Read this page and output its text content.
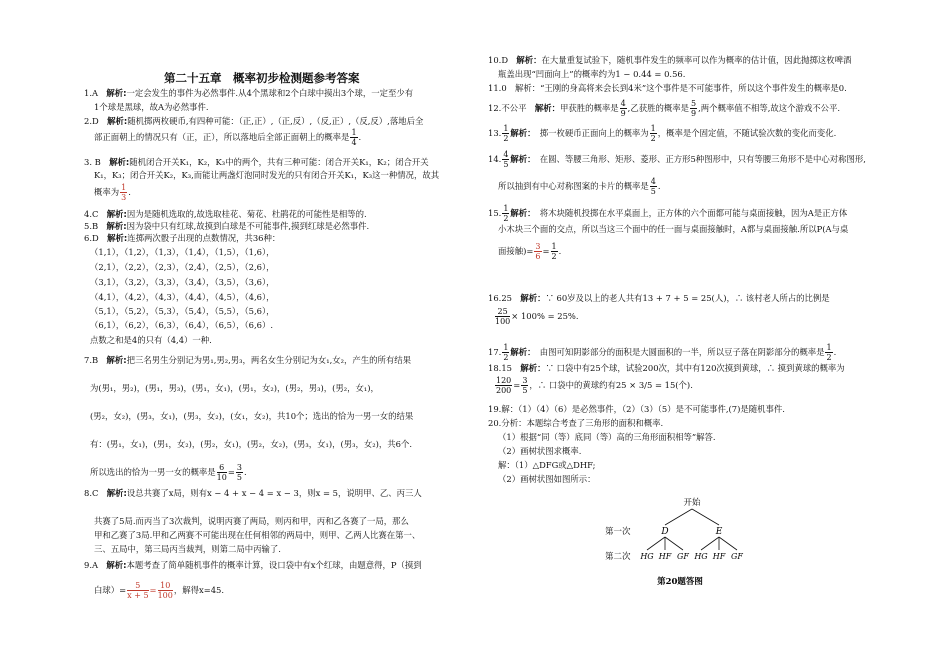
第二十五章　概率初步检测题参考答案
1.A　解析:一定会发生的事件为必然事件.从4个黑球和2个白球中摸出3个球，一定至少有
1个球是黑球，故A为必然事件.
2.D　解析:随机掷两枚硬币,有四种可能：（正,正）,（正,反）,（反,正）,（反,反）,落地后全
部正面朝上的情况只有（正，正），所以落地后全部正面朝上的概率是 $\frac{1}{4}$ .
3. B　解析:随机闭合开关K₁，K₂，K₃中的两个，共有三种可能：闭合开关K₁，K₂；闭合开关
K₁，K₃；闭合开关K₂，K₃,而能让两盏灯泡同时发光的只有闭合开关K₁，K₃这一种情况，故其
概率为 $\frac{1}{3}$ .
4.C　解析:因为是随机选取的,故选取桂花、菊花、杜鹃花的可能性是相等的.
5.B　解析:因为袋中只有红球,故摸到白球是不可能事件,摸到红球是必然事件.
6.D　解析:连掷两次骰子出现的点数情况，共36种：
（1,1），（1,2），（1,3），（1,4），（1,5），（1,6），
（2,1），（2,2），（2,3），（2,4），（2,5），（2,6），
（3,1），（3,2），（3,3），（3,4），（3,5），（3,6），
（4,1），（4,2），（4,3），（4,4），（4,5），（4,6），
（5,1），（5,2），（5,3），（5,4），（5,5），（5,6），
（6,1），（6,2），（6,3），（6,4），（6,5），（6,6）.
点数之和是4的只有（4,4）一种.
7.B　解析:把三名男生分别记为男₁,男₂,男₃，两名女生分别记为女₁,女₂，产生的所有结果
为(男₁，男₂)，(男₁，男₃)，(男₁，女₁)，(男₁，女₂)，(男₂，男₃)，(男₂，女₁)，
(男₂，女₂)，(男₃，女₁)，(男₃，女₂)，(女₁，女₂)，共10个；选出的恰为一男一女的结果
有：(男₁，女₁)，(男₁，女₂)，(男₂，女₁)，(男₂，女₂)，(男₃，女₁)，(男₃，女₂)，共6个.
所以选出的恰为一男一女的概率是 $\frac{6}{10} = \frac{3}{5}$ .
8.C　解析:设总共赛了x局，则有x − 4 + x − 4 = x − 3，则x = 5，说明甲、乙、丙三人
共赛了5局.而丙当了3次裁判，说明丙赛了两局，则丙和甲，丙和乙各赛了一局，那么
甲和乙赛了3局.甲和乙两赛不可能出现在任何相邻的两局中，则甲、乙两人比赛在第一、
三、五局中，第三局丙当裁判，则第二局中丙输了.
9.A　解析:本题考查了简单随机事件的概率计算，设口袋中有x个红球，由题意得，P（摸到
白球）= $\frac{5}{x + 5} = \frac{10}{100}$ ，解得x=45.
10.D　解析：在大量重复试验下，随机事件发生的频率可以作为概率的估计值，因此抛掷这枚啤酒
瓶盖出现“凹面向上”的概率约为1 − 0.44 = 0.56.
11.0　解析：“王刚的身高将来会长到4米”这个事件是不可能事件，所以这个事件发生的概率是0.
12.不公平　解析：甲获胜的概率是 $\frac{4}{9}$ ,乙获胜的概率是 $\frac{5}{9}$ ,两个概率值不相等,故这个游戏不公平.
13. $\frac{1}{2}$ 解析：　掷一枚硬币正面向上的概率为 $\frac{1}{2}$ ，概率是个固定值，不随试验次数的变化而变化.
14. $\frac{4}{5}$ 解析：　在圆、等腰三角形、矩形、菱形、正方形5种图形中，只有等腰三角形不是中心对称图形,
所以抽到有中心对称图案的卡片的概率是 $\frac{4}{5}$ .
15. $\frac{1}{2}$ 解析：　将木块随机投掷在水平桌面上，正方体的六个面都可能与桌面接触，因为A是正方体
小木块三个面的交点，所以当这三个面中的任一面与桌面接触时，A都与桌面接触.所以P(A与桌
面接触)= $\frac{3}{6} = \frac{1}{2}$ .
16.25　解析：∵ 60岁及以上的老人共有13 + 7 + 5 = 25(人)，∴ 该村老人所占的比例是
$\frac{25}{100} \times 100\% = 25\%$.
17. $\frac{1}{2}$ 解析：　由图可知阴影部分的面积是大圆面积的一半，所以豆子落在阴影部分的概率是 $\frac{1}{2}$ .
18.15　解析：∵ 口袋中有25个球，试验200次，其中有120次摸到黄球，∴ 摸到黄球的概率为
$\frac{120}{200} = \frac{3}{5}$ ，∴ 口袋中的黄球约有25 × 3/5 = 15(个).
19.解：（1）（4）（6）是必然事件，（2）（3）（5）是不可能事件,(7)是随机事件.
20.分析：本题综合考查了三角形的面积和概率.
（1）根据“同（等）底同（等）高的三角形面积相等”解答.
（2）画树状图求概率.
解：（1）△DFG或△DHF;
（2）画树状图如图所示：
开始
第一次	D	E
第二次 HG HF GF HG HF GF
第20题答图
